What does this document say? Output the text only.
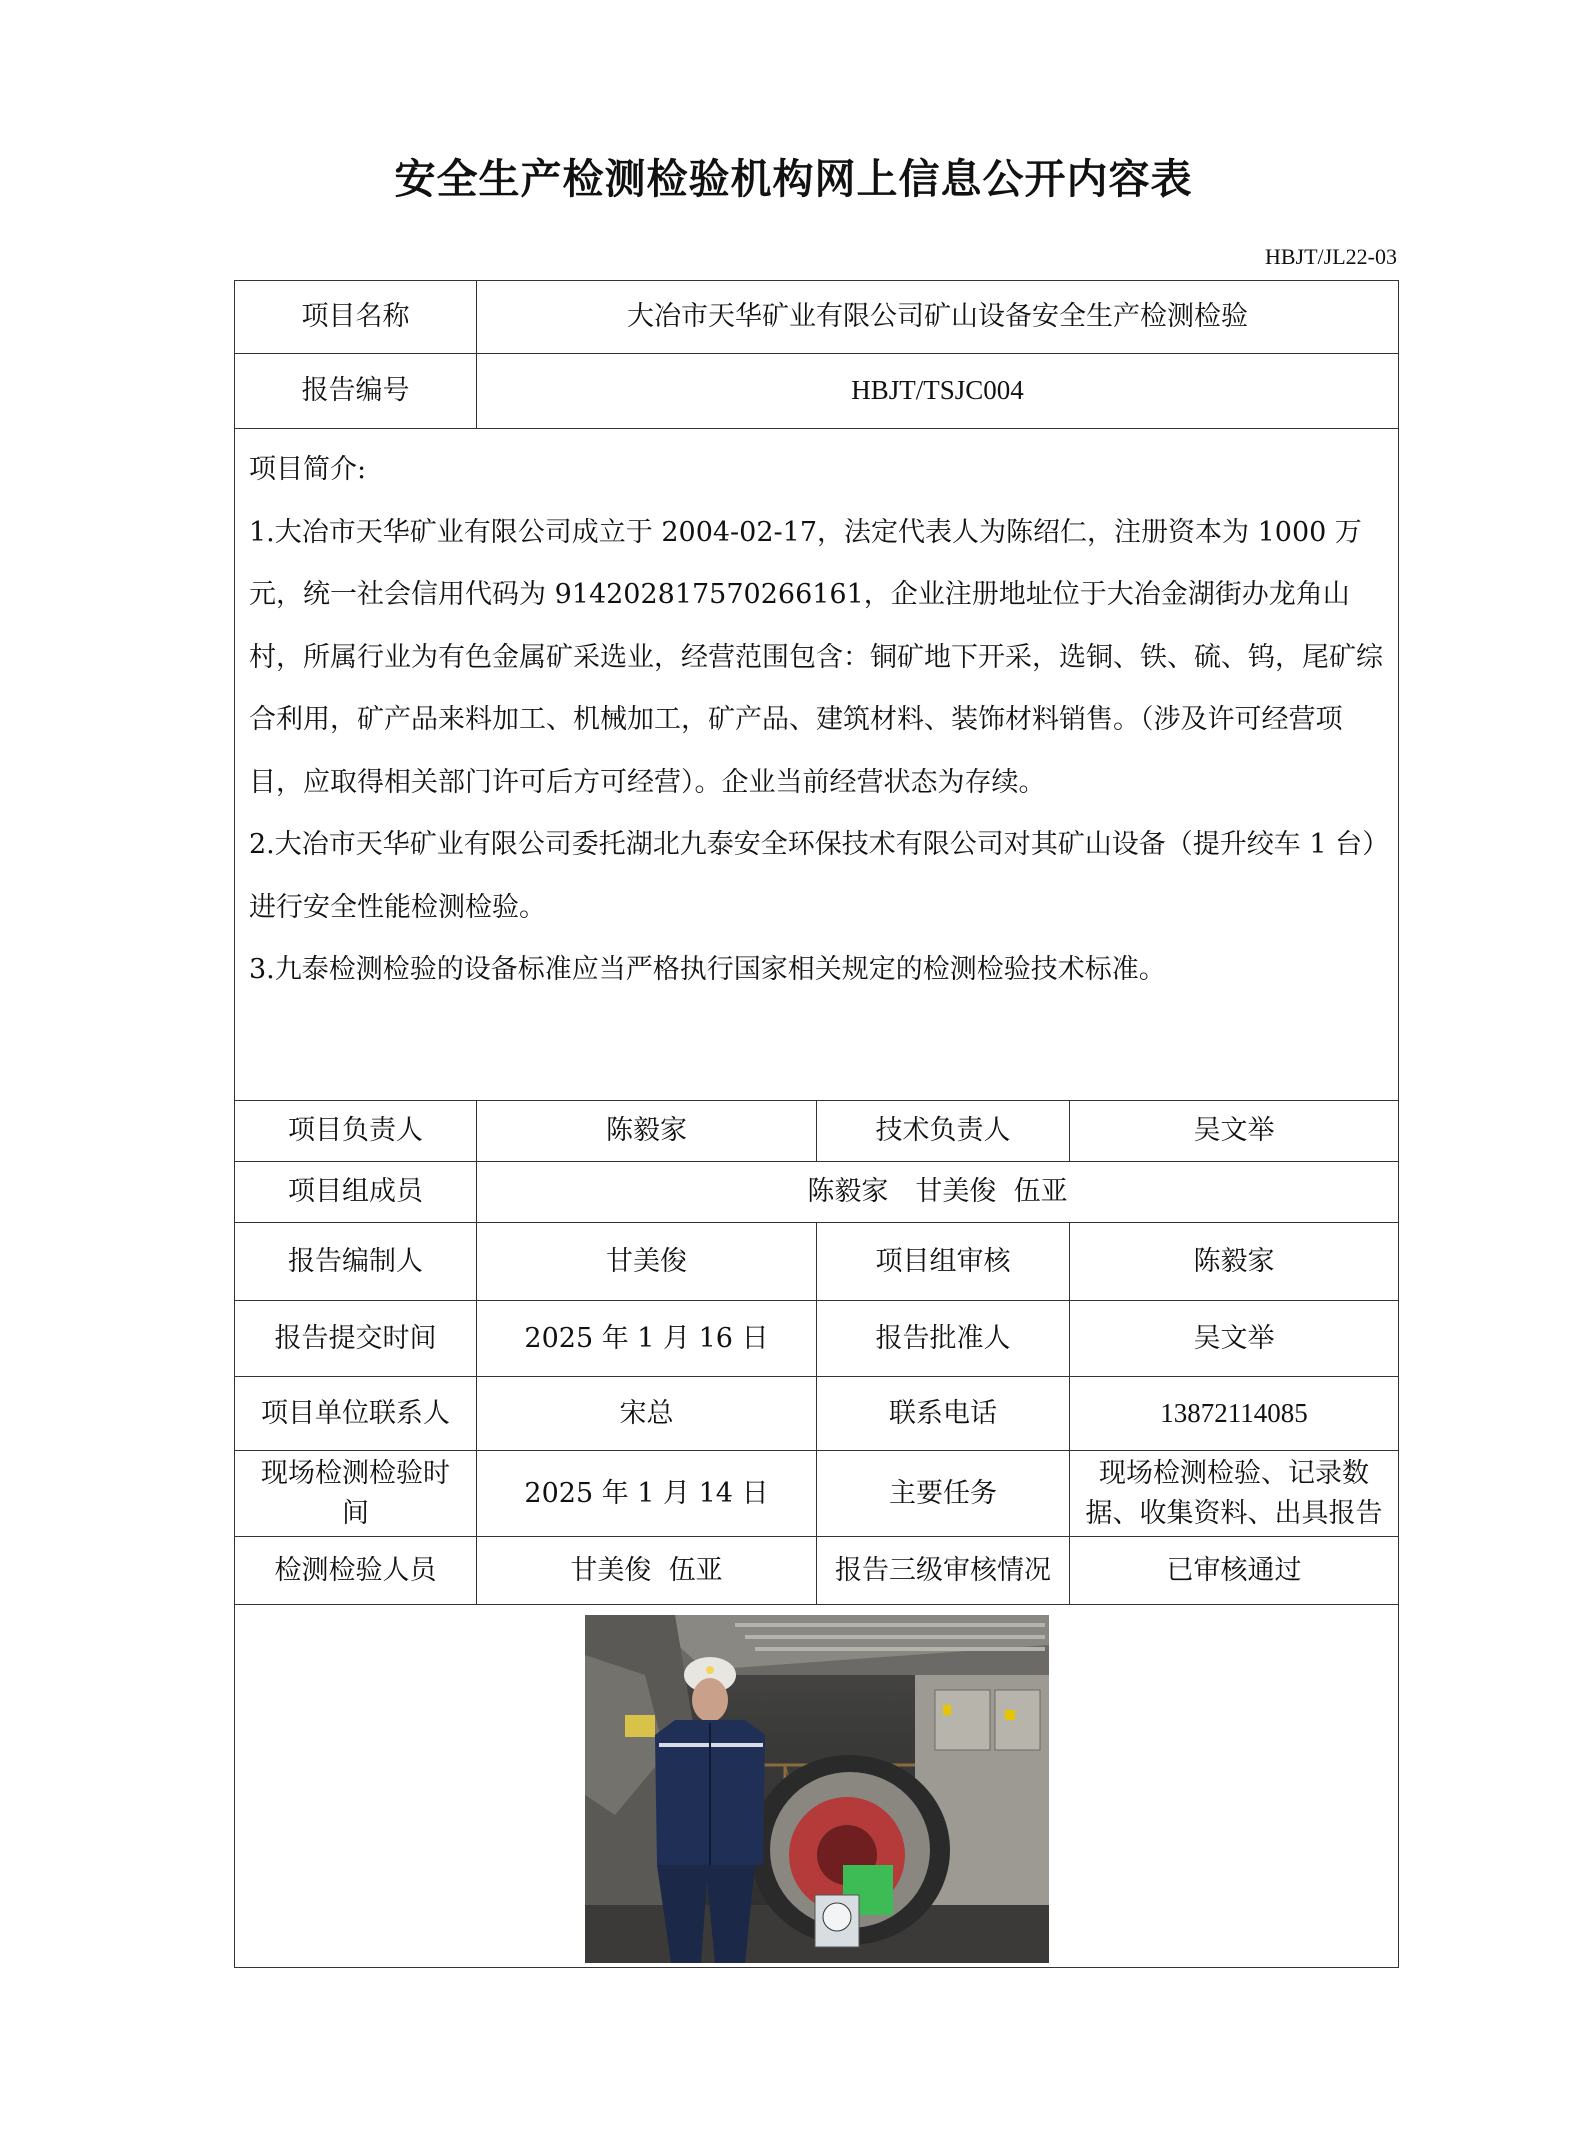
安全生产检测检验机构网上信息公开内容表
HBJT/JL22-03
项目名称	大冶市天华矿业有限公司矿山设备安全生产检测检验		
报告编号	HBJT/TSJC004		

项目简介:

1.大冶市天华矿业有限公司成立于 2004-02-17，法定代表人为陈绍仁，注册资本为 1000 万元，统一社会信用代码为 914202817570266161，企业注册地址位于大冶金湖街办龙角山村，所属行业为有色金属矿采选业，经营范围包含：铜矿地下开采，选铜、铁、硫、钨，尾矿综合利用，矿产品来料加工、机械加工，矿产品、建筑材料、装饰材料销售。（涉及许可经营项目，应取得相关部门许可后方可经营）。企业当前经营状态为存续。

2.大冶市天华矿业有限公司委托湖北九泰安全环保技术有限公司对其矿山设备（提升绞车 1 台）进行安全性能检测检验。

3.九泰检测检验的设备标准应当严格执行国家相关规定的检测检验技术标准。			

项目负责人	陈毅家	技术负责人	吴文举
项目组成员	陈毅家　甘美俊  伍亚		
报告编制人	甘美俊	项目组审核	陈毅家
报告提交时间	2025 年 1 月 16 日	报告批准人	吴文举
项目单位联系人	宋总	联系电话	13872114085
现场检测检验时间	2025 年 1 月 14 日	主要任务	现场检测检验、记录数据、收集资料、出具报告
检测检验人员	甘美俊  伍亚	报告三级审核情况	已审核通过
